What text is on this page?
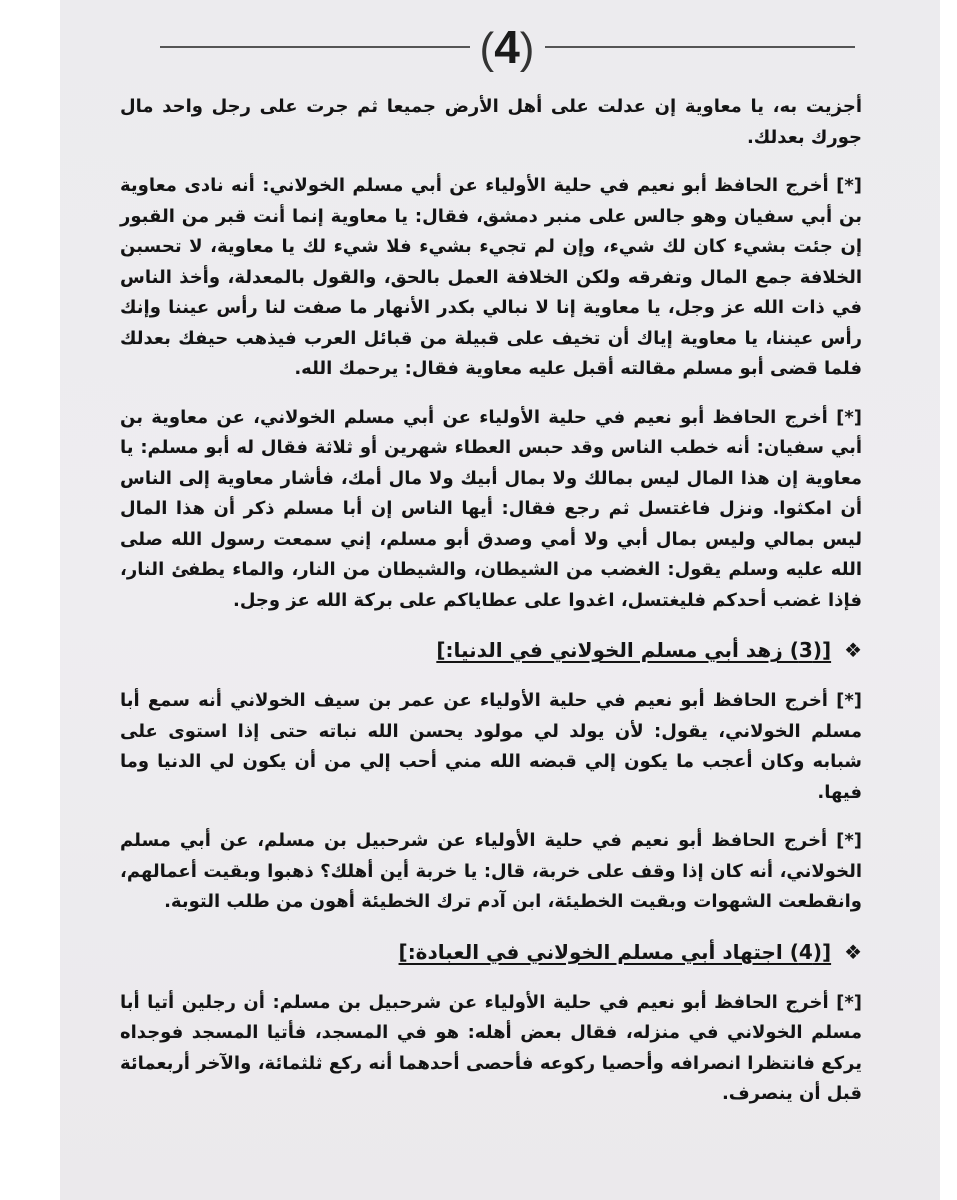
(4)

أجزيت به، يا معاوية إن عدلت على أهل الأرض جميعا ثم جرت على رجل واحد مال جورك بعدلك.

[*] أخرج الحافظ أبو نعيم في حلية الأولياء عن أبي مسلم الخولاني: أنه نادى معاوية بن أبي سفيان وهو جالس على منبر دمشق، فقال: يا معاوية إنما أنت قبر من القبور إن جئت بشيء كان لك شيء، وإن لم تجيء بشيء فلا شيء لك يا معاوية، لا تحسبن الخلافة جمع المال وتفرقه ولكن الخلافة العمل بالحق، والقول بالمعدلة، وأخذ الناس في ذات الله عز وجل، يا معاوية إنا لا نبالي بكدر الأنهار ما صفت لنا رأس عيننا وإنك رأس عيننا، يا معاوية إياك أن تخيف على قبيلة من قبائل العرب فيذهب حيفك بعدلك فلما قضى أبو مسلم مقالته أقبل عليه معاوية فقال: يرحمك الله.

[*] أخرج الحافظ أبو نعيم في حلية الأولياء عن أبي مسلم الخولاني، عن معاوية بن أبي سفيان: أنه خطب الناس وقد حبس العطاء شهرين أو ثلاثة فقال له أبو مسلم: يا معاوية إن هذا المال ليس بمالك ولا بمال أبيك ولا مال أمك، فأشار معاوية إلى الناس أن امكثوا. ونزل فاغتسل ثم رجع فقال: أيها الناس إن أبا مسلم ذكر أن هذا المال ليس بمالي وليس بمال أبي ولا أمي وصدق أبو مسلم، إني سمعت رسول الله صلى الله عليه وسلم يقول: الغضب من الشيطان، والشيطان من النار، والماء يطفئ النار، فإذا غضب أحدكم فليغتسل، اغدوا على عطاياكم على بركة الله عز وجل.

❖ [(3) زهد أبي مسلم الخولاني في الدنيا:]

[*] أخرج الحافظ أبو نعيم في حلية الأولياء عن عمر بن سيف الخولاني أنه سمع أبا مسلم الخولاني، يقول: لأن يولد لي مولود يحسن الله نباته حتى إذا استوى على شبابه وكان أعجب ما يكون إلي قبضه الله مني أحب إلي من أن يكون لي الدنيا وما فيها.

[*] أخرج الحافظ أبو نعيم في حلية الأولياء عن شرحبيل بن مسلم، عن أبي مسلم الخولاني، أنه كان إذا وقف على خربة، قال: يا خربة أين أهلك؟ ذهبوا وبقيت أعمالهم، وانقطعت الشهوات وبقيت الخطيئة، ابن آدم ترك الخطيئة أهون من طلب التوبة.

❖ [(4) اجتهاد أبي مسلم الخولاني في العبادة:]

[*] أخرج الحافظ أبو نعيم في حلية الأولياء عن شرحبيل بن مسلم: أن رجلين أتيا أبا مسلم الخولاني في منزله، فقال بعض أهله: هو في المسجد، فأتيا المسجد فوجداه يركع فانتظرا انصرافه وأحصيا ركوعه فأحصى أحدهما أنه ركع ثلثمائة، والآخر أربعمائة قبل أن ينصرف.
